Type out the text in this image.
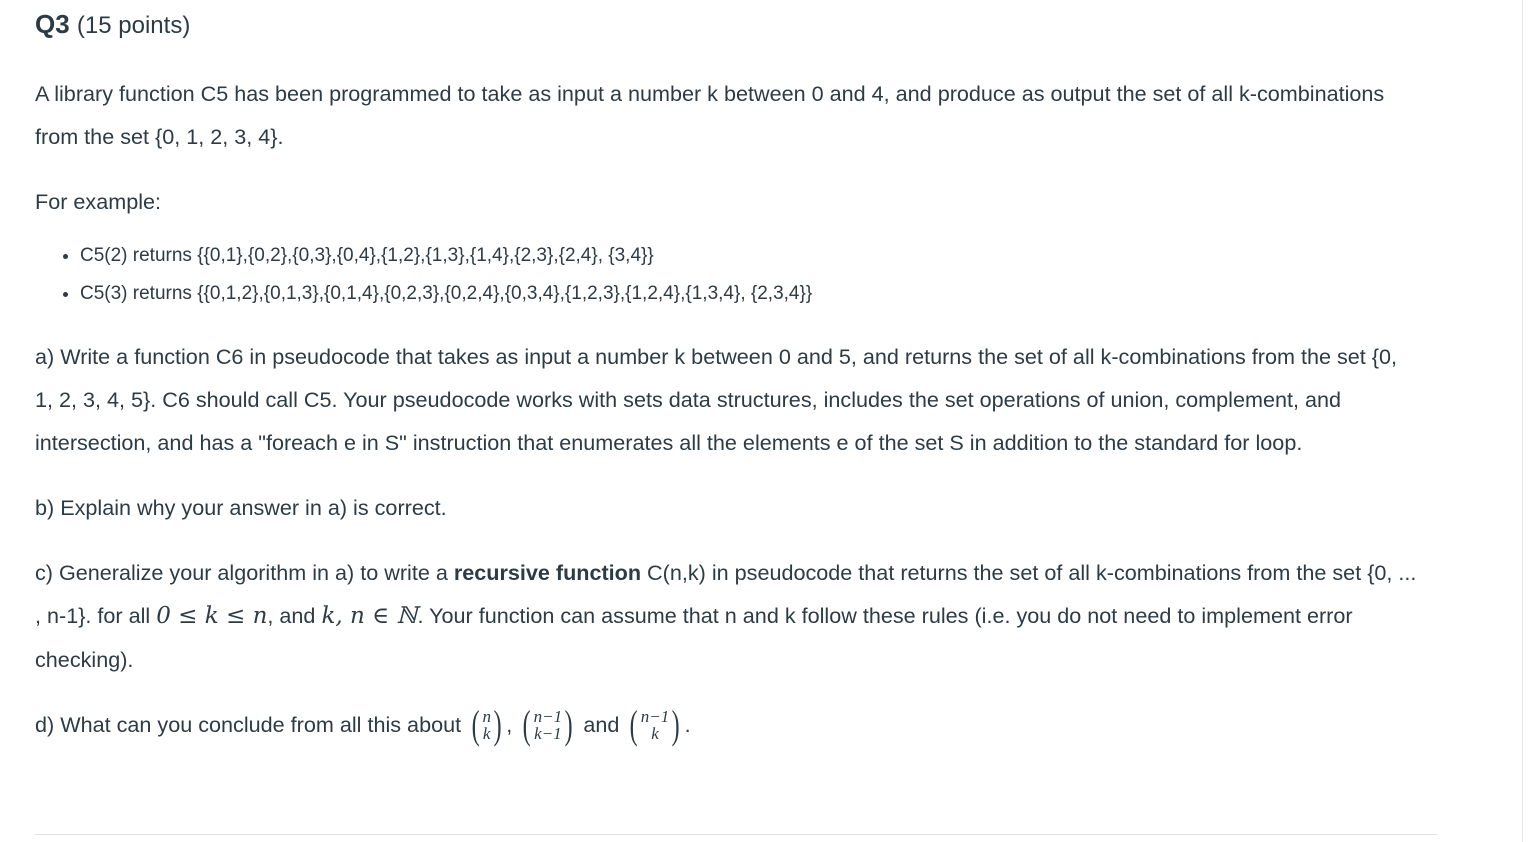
Q3 (15 points)

A library function C5 has been programmed to take as input a number k between 0 and 4, and produce as output the set of all k-combinations from the set {0, 1, 2, 3, 4}.

For example:

• C5(2) returns {{0,1},{0,2},{0,3},{0,4},{1,2},{1,3},{1,4},{2,3},{2,4}, {3,4}}
• C5(3) returns {{0,1,2},{0,1,3},{0,1,4},{0,2,3},{0,2,4},{0,3,4},{1,2,3},{1,2,4},{1,3,4}, {2,3,4}}

a) Write a function C6 in pseudocode that takes as input a number k between 0 and 5, and returns the set of all k-combinations from the set {0, 1, 2, 3, 4, 5}. C6 should call C5. Your pseudocode works with sets data structures, includes the set operations of union, complement, and intersection, and has a "foreach e in S" instruction that enumerates all the elements e of the set S in addition to the standard for loop.

b) Explain why your answer in a) is correct.

c) Generalize your algorithm in a) to write a recursive function C(n,k) in pseudocode that returns the set of all k-combinations from the set {0, ... , n-1}. for all 0 ≤ k ≤ n, and k, n ∈ ℕ. Your function can assume that n and k follow these rules (i.e. you do not need to implement error checking).

d) What can you conclude from all this about
( n
k ) , ( n−1
k−1 )
and
( n−1
k ) .
